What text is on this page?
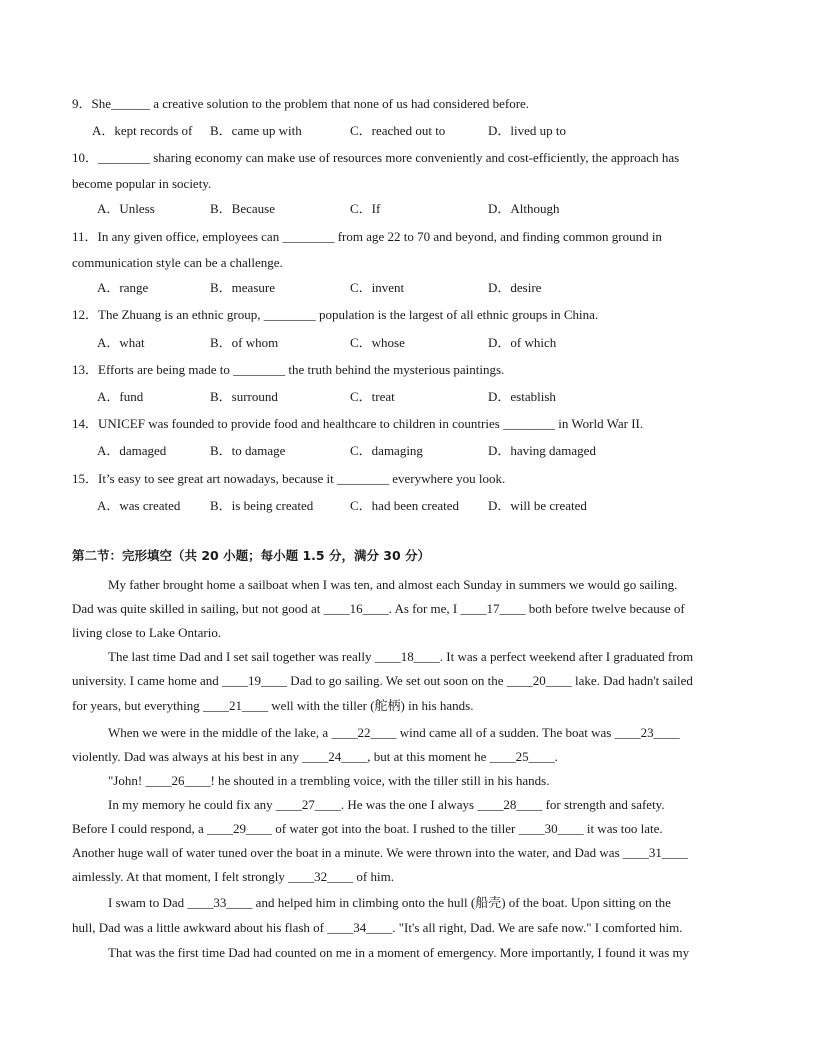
9．She______ a creative solution to the problem that none of us had considered before.
A．kept records of B．came up with	C．reached out to	D．lived up to
10．________ sharing economy can make use of resources more conveniently and cost-efficiently, the approach has
become popular in society.
A．Unless	B．Because	C．If	D．Although
11．In any given office, employees can ________ from age 22 to 70 and beyond, and finding common ground in
communication style can be a challenge.
A．range	B．measure	C．invent	D．desire
12．The Zhuang is an ethnic group, ________ population is the largest of all ethnic groups in China.
A．what	B．of whom	C．whose	D．of which
13．Efforts are being made to ________ the truth behind the mysterious paintings.
A．fund	B．surround	C．treat	D．establish
14．UNICEF was founded to provide food and healthcare to children in countries ________ in World War II.
A．damaged	B．to damage	C．damaging	D．having damaged
15．It’s easy to see great art nowadays, because it ________ everywhere you look.
A．was created B．is being created	C．had been created D．will be created
第二节：完形填空（共 20 小题；每小题 1.5 分，满分 30 分）
My father brought home a sailboat when I was ten, and almost each Sunday in summers we would go sailing.
Dad was quite skilled in sailing, but not good at ____16____. As for me, I ____17____ both before twelve because of
living close to Lake Ontario.
The last time Dad and I set sail together was really ____18____. It was a perfect weekend after I graduated from
university. I came home and ____19____ Dad to go sailing. We set out soon on the ____20____ lake. Dad hadn't sailed
for years, but everything ____21____ well with the tiller (舵柄) in his hands.
When we were in the middle of the lake, a ____22____ wind came all of a sudden. The boat was ____23____
violently. Dad was always at his best in any ____24____, but at this moment he ____25____.
"John! ____26____! he shouted in a trembling voice, with the tiller still in his hands.
In my memory he could fix any ____27____. He was the one I always ____28____ for strength and safety.
Before I could respond, a ____29____ of water got into the boat. I rushed to the tiller ____30____ it was too late.
Another huge wall of water tuned over the boat in a minute. We were thrown into the water, and Dad was ____31____
aimlessly. At that moment, I felt strongly ____32____ of him.
I swam to Dad ____33____ and helped him in climbing onto the hull (船壳) of the boat. Upon sitting on the
hull, Dad was a little awkward about his flash of ____34____. "It's all right, Dad. We are safe now." I comforted him.
That was the first time Dad had counted on me in a moment of emergency. More importantly, I found it was my
